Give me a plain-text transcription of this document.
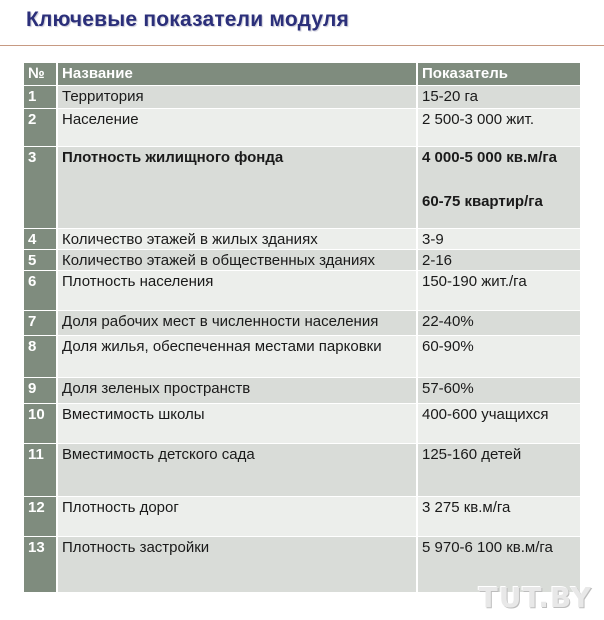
Ключевые показатели модуля
№	Название	Показатель
1	Территория	15-20 га
2	Население	2 500-3 000 жит.
3	Плотность жилищного фонда	4 000-5 000 кв.м/га
60-75 квартир/га

4	Количество этажей в жилых зданиях	3-9
5	Количество этажей в общественных зданиях	2-16
6	Плотность населения	150-190 жит./га
7	Доля рабочих мест в численности населения	22-40%
8	Доля жилья, обеспеченная местами парковки	60-90%
9	Доля зеленых пространств	57-60%
10	Вместимость школы	400-600 учащихся
11	Вместимость детского сада	125-160 детей
12	Плотность дорог	3 275 кв.м/га
13	Плотность застройки	5 970-6 100 кв.м/га
TUT.BY
